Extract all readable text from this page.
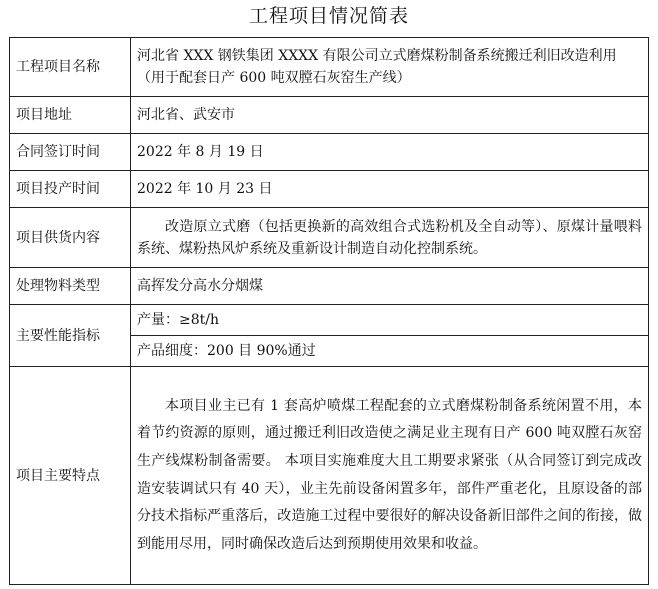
工程项目情况简表
工程项目名称	河北省 XXX 钢铁集团 XXXX 有限公司立式磨煤粉制备系统搬迁利旧改造利用（用于配套日产 600 吨双膛石灰窑生产线）
项目地址	河北省、武安市
合同签订时间	2022 年 8 月 19 日
项目投产时间	2022 年 10 月 23 日
项目供货内容	改造原立式磨（包括更换新的高效组合式选粉机及全自动等）、原煤计量喂料系统、煤粉热风炉系统及重新设计制造自动化控制系统。
处理物料类型	高挥发分高水分烟煤
主要性能指标	产量：≥8t/h
	产品细度：200 目 90%通过
项目主要特点	本项目业主已有 1 套高炉喷煤工程配套的立式磨煤粉制备系统闲置不用，本着节约资源的原则，通过搬迁利旧改造使之满足业主现有日产 600 吨双膛石灰窑生产线煤粉制备需要。 本项目实施难度大且工期要求紧张（从合同签订到完成改造安装调试只有 40 天），业主先前设备闲置多年，部件严重老化，且原设备的部分技术指标严重落后，改造施工过程中要很好的解决设备新旧部件之间的衔接，做到能用尽用，同时确保改造后达到预期使用效果和收益。
